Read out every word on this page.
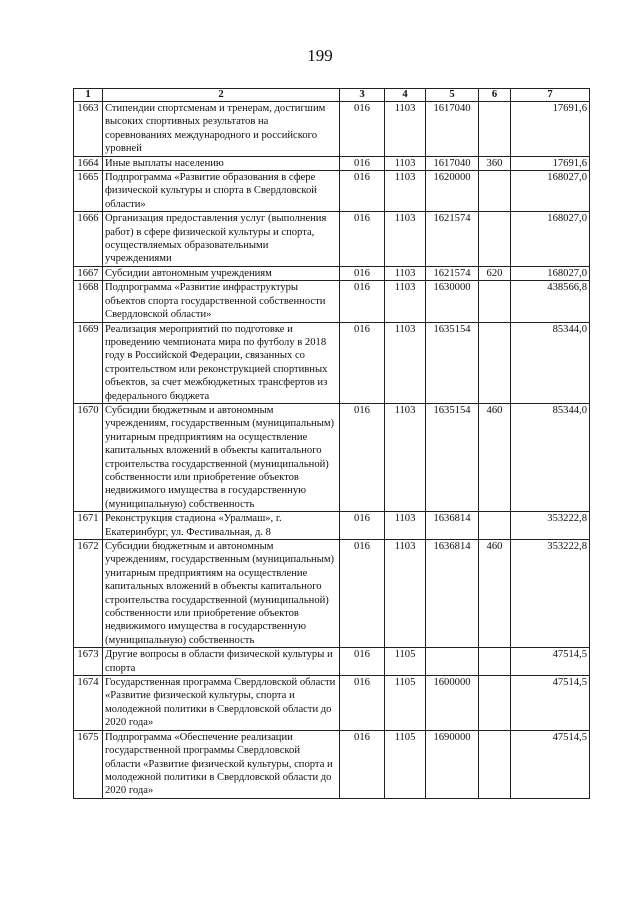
199
1	2	3	4	5	6	7
1663	Стипендии спортсменам и тренерам, достигшим высоких спортивных результатов на соревнованиях международного и российского уровней	016	1103	1617040		17691,6
1664	Иные выплаты населению	016	1103	1617040	360	17691,6
1665	Подпрограмма «Развитие образования в сфере физической культуры и спорта в Свердловской области»	016	1103	1620000		168027,0
1666	Организация предоставления услуг (выполнения работ) в сфере физической культуры и спорта, осуществляемых образовательными учреждениями	016	1103	1621574		168027,0
1667	Субсидии автономным учреждениям	016	1103	1621574	620	168027,0
1668	Подпрограмма «Развитие инфраструктуры объектов спорта государственной собственности Свердловской области»	016	1103	1630000		438566,8
1669	Реализация мероприятий по подготовке и проведению чемпионата мира по футболу в 2018 году в Российской Федерации, связанных со строительством или реконструкцией спортивных объектов, за счет межбюджетных трансфертов из федерального бюджета	016	1103	1635154		85344,0
1670	Субсидии бюджетным и автономным учреждениям, государственным (муниципальным) унитарным предприятиям на осуществление капитальных вложений в объекты капитального строительства государственной (муниципальной) собственности или приобретение объектов недвижимого имущества в государственную (муниципальную) собственность	016	1103	1635154	460	85344,0
1671	Реконструкция стадиона «Уралмаш», г. Екатеринбург, ул. Фестивальная, д. 8	016	1103	1636814		353222,8
1672	Субсидии бюджетным и автономным учреждениям, государственным (муниципальным) унитарным предприятиям на осуществление капитальных вложений в объекты капитального строительства государственной (муниципальной) собственности или приобретение объектов недвижимого имущества в государственную (муниципальную) собственность	016	1103	1636814	460	353222,8
1673	Другие вопросы в области физической культуры и спорта	016	1105			47514,5
1674	Государственная программа Свердловской области «Развитие физической культуры, спорта и молодежной политики в Свердловской области до 2020 года»	016	1105	1600000		47514,5
1675	Подпрограмма «Обеспечение реализации государственной программы Свердловской области «Развитие физической культуры, спорта и молодежной политики в Свердловской области до 2020 года»	016	1105	1690000		47514,5
